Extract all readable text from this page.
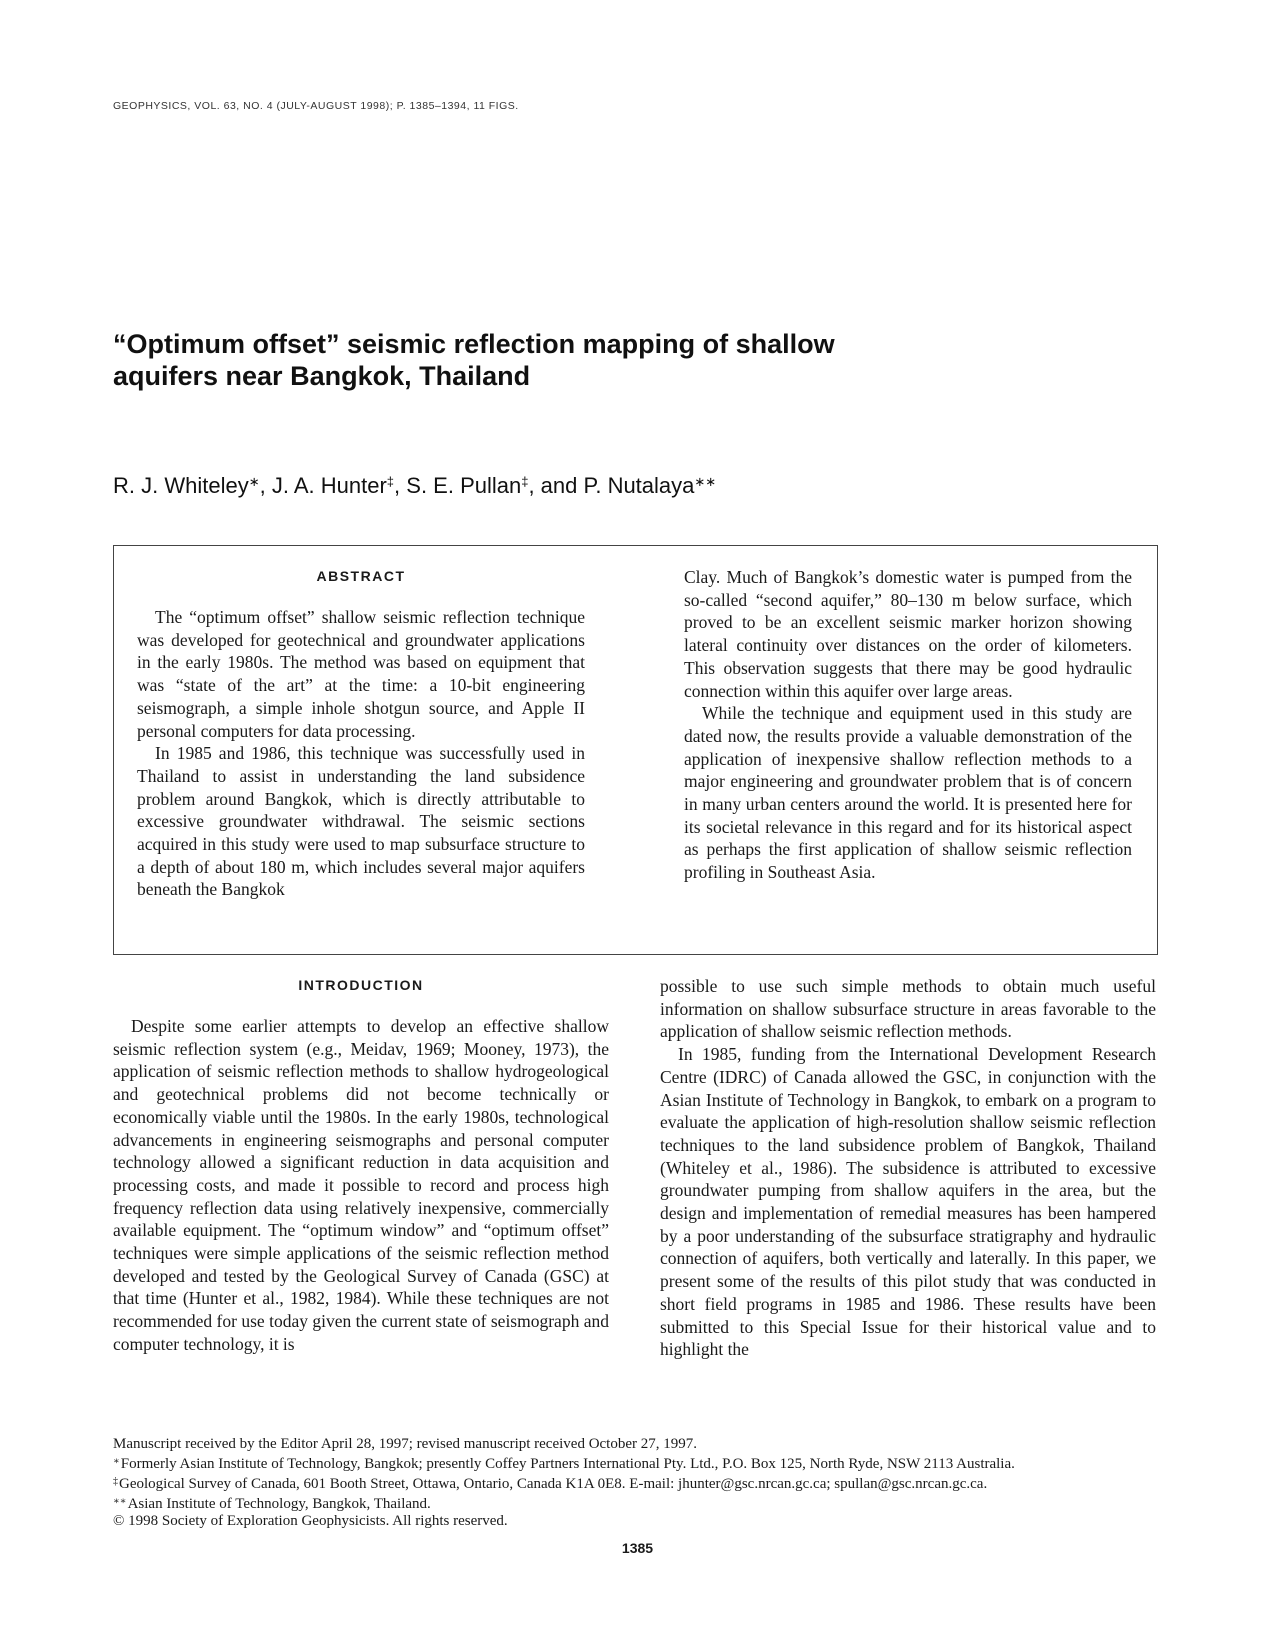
GEOPHYSICS, VOL. 63, NO. 4 (JULY-AUGUST 1998); P. 1385–1394, 11 FIGS.
“Optimum offset” seismic reflection mapping of shallow
aquifers near Bangkok, Thailand

R. J. Whiteley∗, J. A. Hunter‡, S. E. Pullan‡, and P. Nutalaya∗∗

ABSTRACT

The “optimum offset” shallow seismic reflection technique was developed for geotechnical and groundwater applications in the early 1980s. The method was based on equipment that was “state of the art” at the time: a 10-bit engineering seismograph, a simple inhole shotgun source, and Apple II personal computers for data processing.

In 1985 and 1986, this technique was successfully used in Thailand to assist in understanding the land subsidence problem around Bangkok, which is directly attributable to excessive groundwater withdrawal. The seismic sections acquired in this study were used to map subsurface structure to a depth of about 180 m, which includes several major aquifers beneath the Bangkok

Clay. Much of Bangkok’s domestic water is pumped from the so-called “second aquifer,” 80–130 m below surface, which proved to be an excellent seismic marker horizon showing lateral continuity over distances on the order of kilometers. This observation suggests that there may be good hydraulic connection within this aquifer over large areas.

While the technique and equipment used in this study are dated now, the results provide a valuable demonstration of the application of inexpensive shallow reflection methods to a major engineering and groundwater problem that is of concern in many urban centers around the world. It is presented here for its societal relevance in this regard and for its historical aspect as perhaps the first application of shallow seismic reflection profiling in Southeast Asia.

INTRODUCTION

Despite some earlier attempts to develop an effective shallow seismic reflection system (e.g., Meidav, 1969; Mooney, 1973), the application of seismic reflection methods to shallow hydrogeological and geotechnical problems did not become technically or economically viable until the 1980s. In the early 1980s, technological advancements in engineering seismographs and personal computer technology allowed a significant reduction in data acquisition and processing costs, and made it possible to record and process high frequency reflection data using relatively inexpensive, commercially available equipment. The “optimum window” and “optimum offset” techniques were simple applications of the seismic reflection method developed and tested by the Geological Survey of Canada (GSC) at that time (Hunter et al., 1982, 1984). While these techniques are not recommended for use today given the current state of seismograph and computer technology, it is

possible to use such simple methods to obtain much useful information on shallow subsurface structure in areas favorable to the application of shallow seismic reflection methods.

In 1985, funding from the International Development Research Centre (IDRC) of Canada allowed the GSC, in conjunction with the Asian Institute of Technology in Bangkok, to embark on a program to evaluate the application of high-resolution shallow seismic reflection techniques to the land subsidence problem of Bangkok, Thailand (Whiteley et al., 1986). The subsidence is attributed to excessive groundwater pumping from shallow aquifers in the area, but the design and implementation of remedial measures has been hampered by a poor understanding of the subsurface stratigraphy and hydraulic connection of aquifers, both vertically and laterally. In this paper, we present some of the results of this pilot study that was conducted in short field programs in 1985 and 1986. These results have been submitted to this Special Issue for their historical value and to highlight the

Manuscript received by the Editor April 28, 1997; revised manuscript received October 27, 1997.
∗Formerly Asian Institute of Technology, Bangkok; presently Coffey Partners International Pty. Ltd., P.O. Box 125, North Ryde, NSW 2113 Australia.
‡Geological Survey of Canada, 601 Booth Street, Ottawa, Ontario, Canada K1A 0E8. E-mail: jhunter@gsc.nrcan.gc.ca; spullan@gsc.nrcan.gc.ca.
∗∗Asian Institute of Technology, Bangkok, Thailand.
© 1998 Society of Exploration Geophysicists. All rights reserved.
1385
